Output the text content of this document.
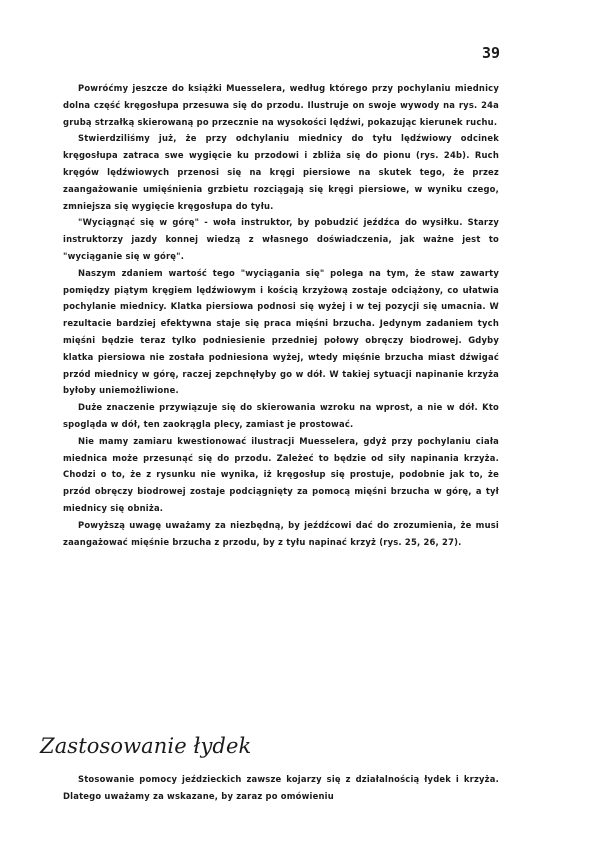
39

Powróćmy jeszcze do książki Muesselera, według którego przy pochylaniu miednicy dolna część kręgosłupa przesuwa się do przodu. Ilustruje on swoje wywody na rys. 24a grubą strzałką skierowaną po przecznie na wysokości lędźwi, pokazując kierunek ruchu.

Stwierdziliśmy już, że przy odchylaniu miednicy do tyłu lędźwiowy odcinek kręgosłupa zatraca swe wygięcie ku przodowi i zbliża się do pionu (rys. 24b). Ruch kręgów lędźwiowych przenosi się na kręgi piersiowe na skutek tego, że przez zaangażowanie umięśnienia grzbietu rozciągają się kręgi piersiowe, w wyniku czego, zmniejsza się wygięcie kręgosłupa do tyłu.

"Wyciągnąć się w górę" - woła instruktor, by pobudzić jeźdźca do wysiłku. Starzy instruktorzy jazdy konnej wiedzą z własnego doświadczenia, jak ważne jest to "wyciąganie się w górę".

Naszym zdaniem wartość tego "wyciągania się" polega na tym, że staw zawarty pomiędzy piątym kręgiem lędźwiowym i kością krzyżową zostaje odciążony, co ułatwia pochylanie miednicy. Klatka piersiowa podnosi się wyżej i w tej pozycji się umacnia. W rezultacie bardziej efektywna staje się praca mięśni brzucha. Jedynym zadaniem tych mięśni będzie teraz tylko podniesienie przedniej połowy obręczy biodrowej. Gdyby klatka piersiowa nie została podniesiona wyżej, wtedy mięśnie brzucha miast dźwigać przód miednicy w górę, raczej zepchnęłyby go w dół. W takiej sytuacji napinanie krzyża byłoby uniemożliwione.

Duże znaczenie przywiązuje się do skierowania wzroku na wprost, a nie w dół. Kto spogląda w dół, ten zaokrągla plecy, zamiast je prostować.

Nie mamy zamiaru kwestionować ilustracji Muesselera, gdyż przy pochylaniu ciała miednica może przesunąć się do przodu. Zależeć to będzie od siły napinania krzyża. Chodzi o to, że z rysunku nie wynika, iż kręgosłup się prostuje, podobnie jak to, że przód obręczy biodrowej zostaje podciągnięty za pomocą mięśni brzucha w górę, a tył miednicy się obniża.

Powyższą uwagę uważamy za niezbędną, by jeźdźcowi dać do zrozumienia, że musi zaangażować mięśnie brzucha z przodu, by z tyłu napinać krzyż (rys. 25, 26, 27).

Zastosowanie łydek

Stosowanie pomocy jeździeckich zawsze kojarzy się z działalnością łydek i krzyża. Dlatego uważamy za wskazane, by zaraz po omówieniu
